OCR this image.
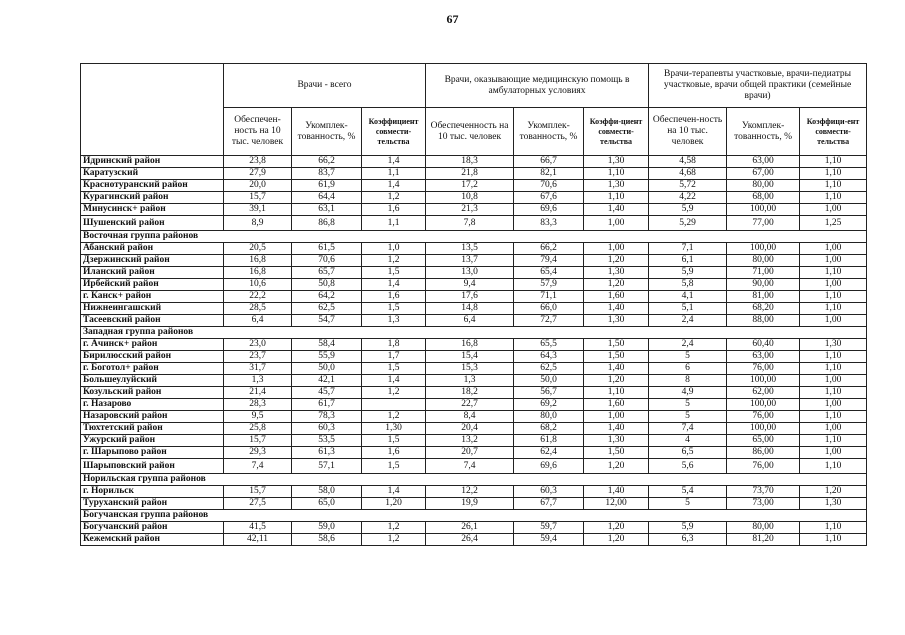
67
	Врачи - всего			Врачи, оказывающие медицинскую помощь в амбулаторных условиях			Врачи-терапевты участковые, врачи-педиатры участковые, врачи общей практики (семейные врачи)		
	Обеспечен-ность на 10 тыс. человек	Укомплек-тованность, %	Коэффициент совмести-тельства	Обеспеченность на 10 тыс. человек	Укомплек-тованность, %	Коэффи-циент совмести-тельства	Обеспечен-ность на 10 тыс. человек	Укомплек-тованность, %	Коэффици-ент совмести-тельства
Идринский район	23,8	66,2	1,4	18,3	66,7	1,30	4,58	63,00	1,10
Каратузский	27,9	83,7	1,1	21,8	82,1	1,10	4,68	67,00	1,10
Краснотуранский район	20,0	61,9	1,4	17,2	70,6	1,30	5,72	80,00	1,10
Курагинский район	15,7	64,4	1,2	10,8	67,6	1,10	4,22	68,00	1,10
Минусинск+ район	39,1	63,1	1,6	21,3	69,6	1,40	5,9	100,00	1,00
Шушенский район	8,9	86,8	1,1	7,8	83,3	1,00	5,29	77,00	1,25
Восточная группа районов									
Абанский район	20,5	61,5	1,0	13,5	66,2	1,00	7,1	100,00	1,00
Дзержинский район	16,8	70,6	1,2	13,7	79,4	1,20	6,1	80,00	1,00
Иланский район	16,8	65,7	1,5	13,0	65,4	1,30	5,9	71,00	1,10
Ирбейский район	10,6	50,8	1,4	9,4	57,9	1,20	5,8	90,00	1,00
г. Канск+ район	22,2	64,2	1,6	17,6	71,1	1,60	4,1	81,00	1,10
Нижнеингашский	28,5	62,5	1,5	14,8	66,0	1,40	5,1	68,20	1,10
Тасеевский район	6,4	54,7	1,3	6,4	72,7	1,30	2,4	88,00	1,00
Западная группа районов									
г. Ачинск+ район	23,0	58,4	1,8	16,8	65,5	1,50	2,4	60,40	1,30
Бирилюсский район	23,7	55,9	1,7	15,4	64,3	1,50	5	63,00	1,10
г. Боготол+ район	31,7	50,0	1,5	15,3	62,5	1,40	6	76,00	1,10
Большеулуйский	1,3	42,1	1,4	1,3	50,0	1,20	8	100,00	1,00
Козульский район	21,4	45,7	1,2	18,2	56,7	1,10	4,9	62,00	1,10
г. Назарово	28,3	61,7		22,7	69,2	1,60	5	100,00	1,00
Назаровский район	9,5	78,3	1,2	8,4	80,0	1,00	5	76,00	1,10
Тюхтетский район	25,8	60,3	1,30	20,4	68,2	1,40	7,4	100,00	1,00
Ужурский район	15,7	53,5	1,5	13,2	61,8	1,30	4	65,00	1,10
г. Шарыпово район	29,3	61,3	1,6	20,7	62,4	1,50	6,5	86,00	1,00
Шарыповский район	7,4	57,1	1,5	7,4	69,6	1,20	5,6	76,00	1,10
Норильская группа районов									
г. Норильск	15,7	58,0	1,4	12,2	60,3	1,40	5,4	73,70	1,20
Туруханский район	27,5	65,0	1,20	19,9	67,7	12,00	5	73,00	1,30
Богучанская группа районов									
Богучанский район	41,5	59,0	1,2	26,1	59,7	1,20	5,9	80,00	1,10
Кежемский район	42,11	58,6	1,2	26,4	59,4	1,20	6,3	81,20	1,10
